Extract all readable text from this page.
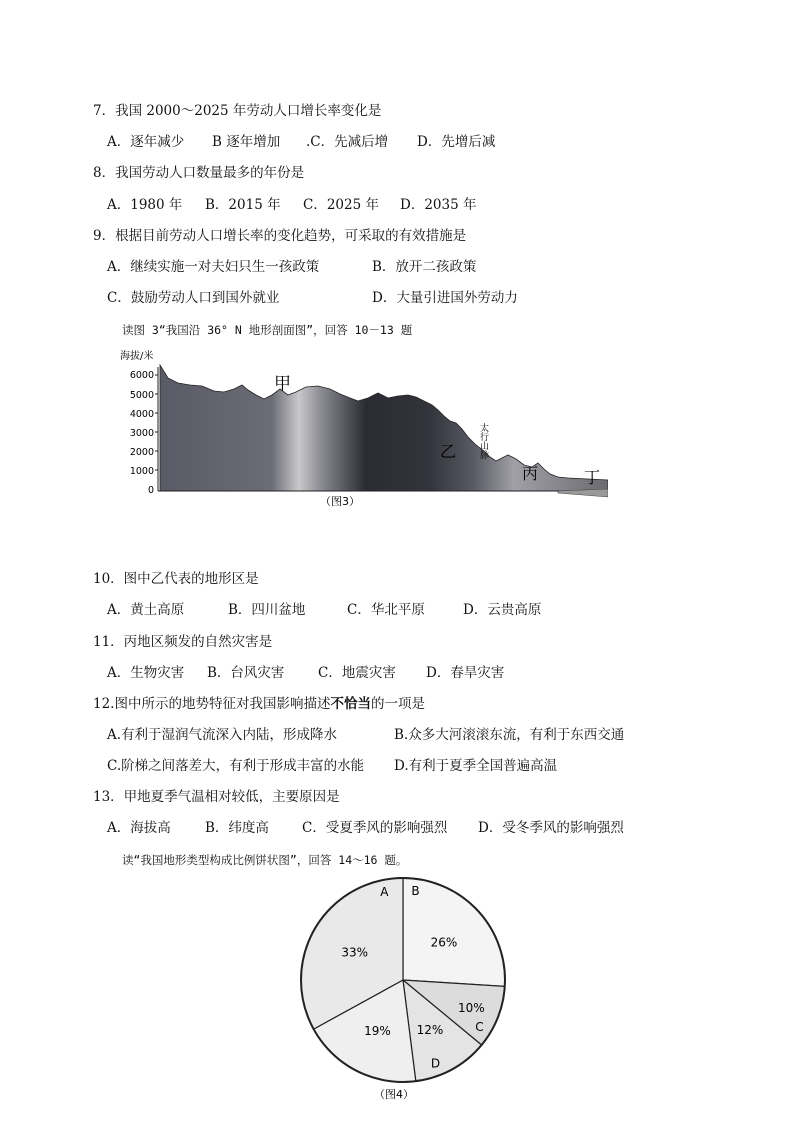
7．我国 2000～2025 年劳动人口增长率变化是
A．逐年减少 B 逐年增加 .C．先减后增 D．先增后减
8．我国劳动人口数量最多的年份是
A．1980 年 B．2015 年 C．2025 年 D．2035 年
9．根据目前劳动人口增长率的变化趋势，可采取的有效措施是
A．继续实施一对夫妇只生一孩政策	B．放开二孩政策
C．鼓励劳动人口到国外就业	D．大量引进国外劳动力
读图 3“我国沿 36° N 地形剖面图”，回答 10－13 题
海拔/米
6000
5000
4000
3000
2000
1000
0
甲
乙 太行山脉
丙	丁
（图3）
10．图中乙代表的地形区是
A．黄土高原	B．四川盆地	C．华北平原	D．云贵高原
11．丙地区频发的自然灾害是
A．生物灾害 B．台风灾害 C．地震灾害 D．春旱灾害
12.图中所示的地势特征对我国影响描述不恰当的一项是
A.有利于湿润气流深入内陆，形成降水	B.众多大河滚滚东流，有利于东西交通
C.阶梯之间落差大，有利于形成丰富的水能 D.有利于夏季全国普遍高温
13．甲地夏季气温相对较低，主要原因是
A．海拔高	B．纬度高 C．受夏季风的影响强烈 D．受冬季风的影响强烈
读“我国地形类型构成比例饼状图”，回答 14～16 题。
26%
B
10%
C
12%
D
19%
33%
A
（图4）
